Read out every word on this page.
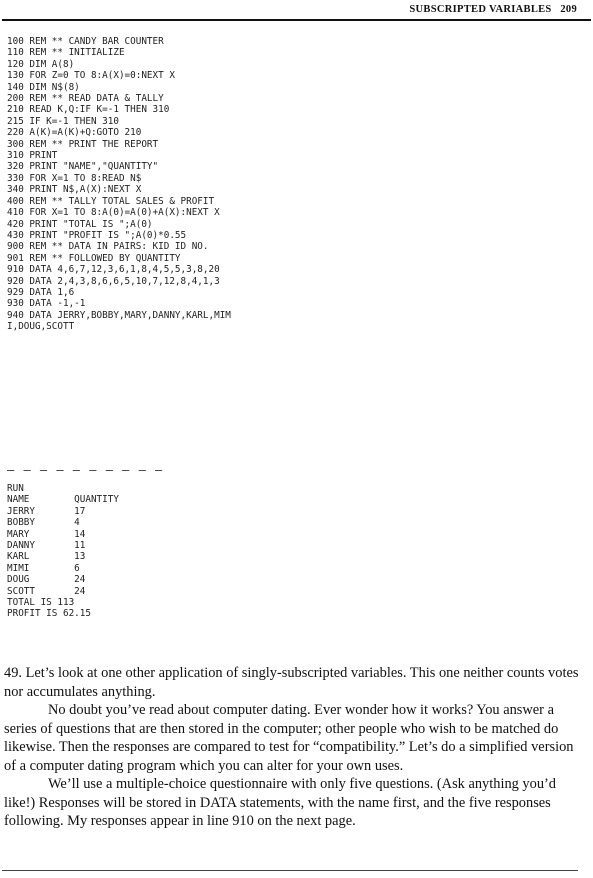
SUBSCRIPTED VARIABLES 209
100 REM ** CANDY BAR COUNTER
110 REM ** INITIALIZE
120 DIM A(8)
130 FOR Z=0 TO 8:A(X)=0:NEXT X
140 DIM N$(8)
200 REM ** READ DATA & TALLY
210 READ K,Q:IF K=-1 THEN 310
215 IF K=-1 THEN 310
220 A(K)=A(K)+Q:GOTO 210
300 REM ** PRINT THE REPORT
310 PRINT
320 PRINT "NAME","QUANTITY"
330 FOR X=1 TO 8:READ N$
340 PRINT N$,A(X):NEXT X
400 REM ** TALLY TOTAL SALES & PROFIT
410 FOR X=1 TO 8:A(0)=A(0)+A(X):NEXT X
420 PRINT "TOTAL IS ";A(0)
430 PRINT "PROFIT IS ";A(0)*0.55
900 REM ** DATA IN PAIRS: KID ID NO.
901 REM ** FOLLOWED BY QUANTITY
910 DATA 4,6,7,12,3,6,1,8,4,5,5,3,8,20
920 DATA 2,4,3,8,6,6,5,10,7,12,8,4,1,3
929 DATA 1,6
930 DATA -1,-1
940 DATA JERRY,BOBBY,MARY,DANNY,KARL,MIM
I,DOUG,SCOTT
— — — — — — — — — —
RUN
NAME        QUANTITY
JERRY       17
BOBBY       4
MARY        14
DANNY       11
KARL        13
MIMI        6
DOUG        24
SCOTT       24
TOTAL IS 113
PROFIT IS 62.15

49. Let’s look at one other application of singly-subscripted variables. This one neither counts votes nor accumulates anything.

No doubt you’ve read about computer dating. Ever wonder how it works? You answer a series of questions that are then stored in the computer; other people who wish to be matched do likewise. Then the responses are compared to test for “compatibility.” Let’s do a simplified version of a computer dating program which you can alter for your own uses.

We’ll use a multiple-choice questionnaire with only five questions. (Ask anything you’d like!) Responses will be stored in DATA statements, with the name first, and the five responses following. My responses appear in line 910 on the next page.
